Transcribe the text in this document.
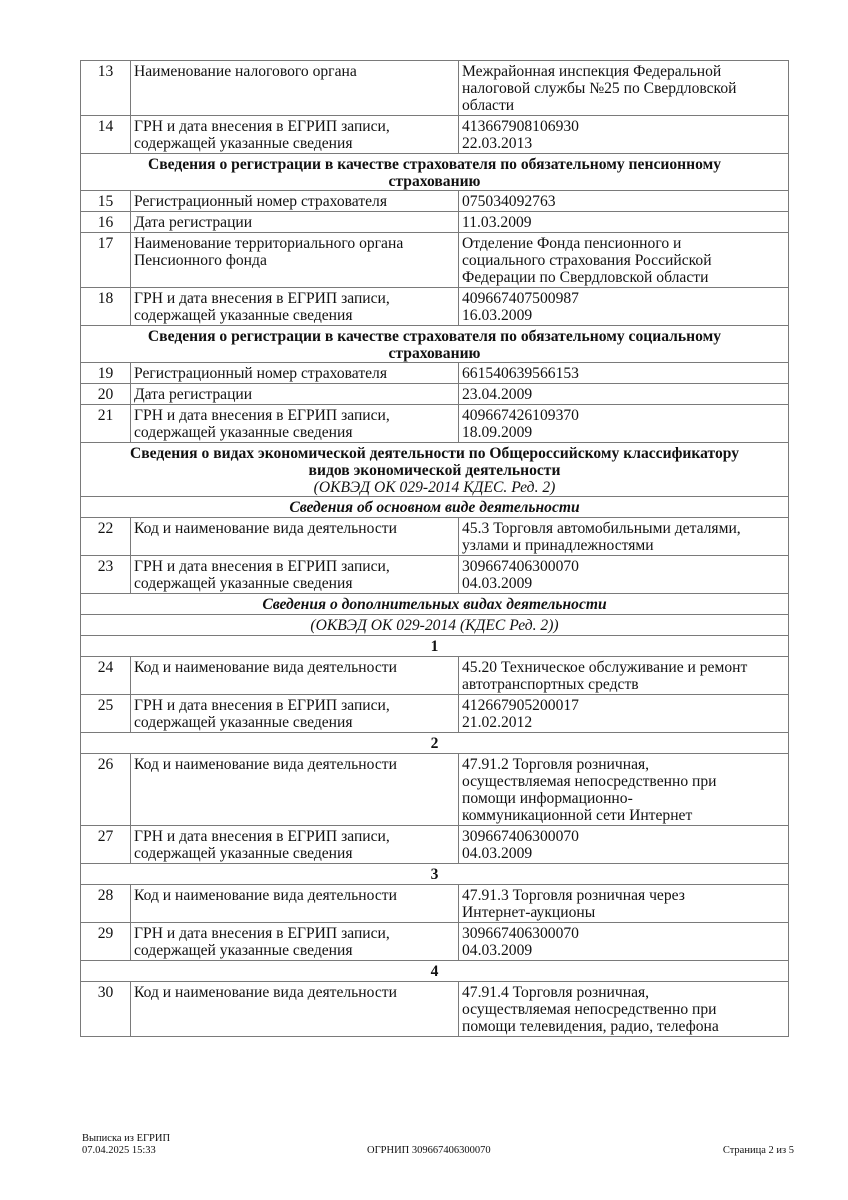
13	Наименование налогового органа	Межрайонная инспекция Федеральной
налоговой службы №25 по Свердловской
области

14	ГРН и дата внесения в ЕГРИП записи,
содержащей указанные сведения	413667908106930
22.03.2013

Сведения о регистрации в качестве страхователя по обязательному пенсионному
страхованию		

15	Регистрационный номер страхователя	075034092763

16	Дата регистрации	11.03.2009

17	Наименование территориального органа
Пенсионного фонда	Отделение Фонда пенсионного и
социального страхования Российской
Федерации по Свердловской области

18	ГРН и дата внесения в ЕГРИП записи,
содержащей указанные сведения	409667407500987
16.03.2009

Сведения о регистрации в качестве страхователя по обязательному социальному
страхованию		

19	Регистрационный номер страхователя	661540639566153

20	Дата регистрации	23.04.2009

21	ГРН и дата внесения в ЕГРИП записи,
содержащей указанные сведения	409667426109370
18.09.2009

Сведения о видах экономической деятельности по Общероссийскому классификатору
видов экономической деятельности
(ОКВЭД ОК 029-2014 КДЕС. Ред. 2)		

Сведения об основном виде деятельности		
22	Код и наименование вида деятельности	45.3 Торговля автомобильными деталями,
узлами и принадлежностями

23	ГРН и дата внесения в ЕГРИП записи,
содержащей указанные сведения	309667406300070
04.03.2009

Сведения о дополнительных видах деятельности		
(ОКВЭД ОК 029-2014 (КДЕС Ред. 2))		
1		
24	Код и наименование вида деятельности	45.20 Техническое обслуживание и ремонт
автотранспортных средств

25	ГРН и дата внесения в ЕГРИП записи,
содержащей указанные сведения	412667905200017
21.02.2012

2		
26	Код и наименование вида деятельности	47.91.2 Торговля розничная,
осуществляемая непосредственно при
помощи информационно-
коммуникационной сети Интернет

27	ГРН и дата внесения в ЕГРИП записи,
содержащей указанные сведения	309667406300070
04.03.2009

3		
28	Код и наименование вида деятельности	47.91.3 Торговля розничная через
Интернет-аукционы

29	ГРН и дата внесения в ЕГРИП записи,
содержащей указанные сведения	309667406300070
04.03.2009

4		
30	Код и наименование вида деятельности	47.91.4 Торговля розничная,
осуществляемая непосредственно при
помощи телевидения, радио, телефона
Выписка из ЕГРИП
07.04.2025 15:33	ОГРНИП 309667406300070	Страница 2 из 5
